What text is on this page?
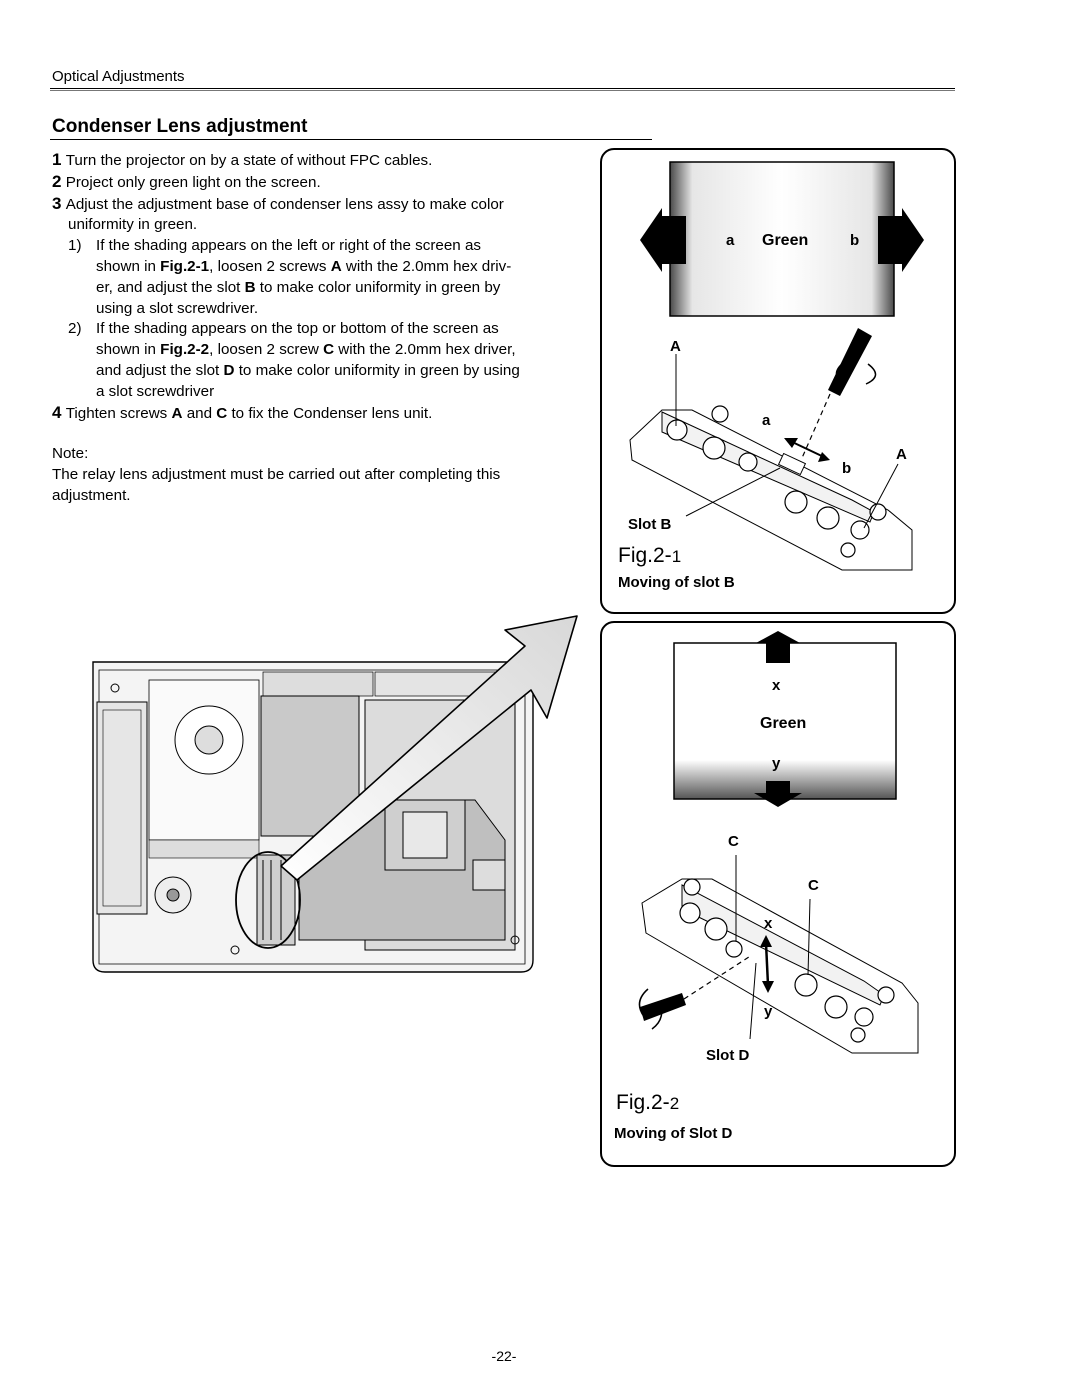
Optical Adjustments
Condenser Lens adjustment
1 Turn the projector on by a state of without FPC cables.
2 Project only green light on the screen.
3 Adjust the adjustment base of condenser lens assy to make color
uniformity in green.
1) If the shading appears on the left or right of the screen as
shown in Fig.2-1, loosen 2 screws A with the 2.0mm hex driv-
er, and adjust the slot B to make color uniformity in green by
using a slot screwdriver.
2) If the shading appears on the top or bottom of the screen as
shown in Fig.2-2, loosen 2 screw C with the 2.0mm hex driver,
and adjust the slot D to make color uniformity in green by using
a slot screwdriver
4 Tighten screws A and C to fix the Condenser lens unit.
Note:
The relay lens adjustment must be carried out after completing this
adjustment.
a Green	b
A
a
b
A
Slot B
Fig.2-1
Moving of slot B
x
Green
y
C
C
x
y
Slot D
Fig.2-2
Moving of Slot D
-22-
